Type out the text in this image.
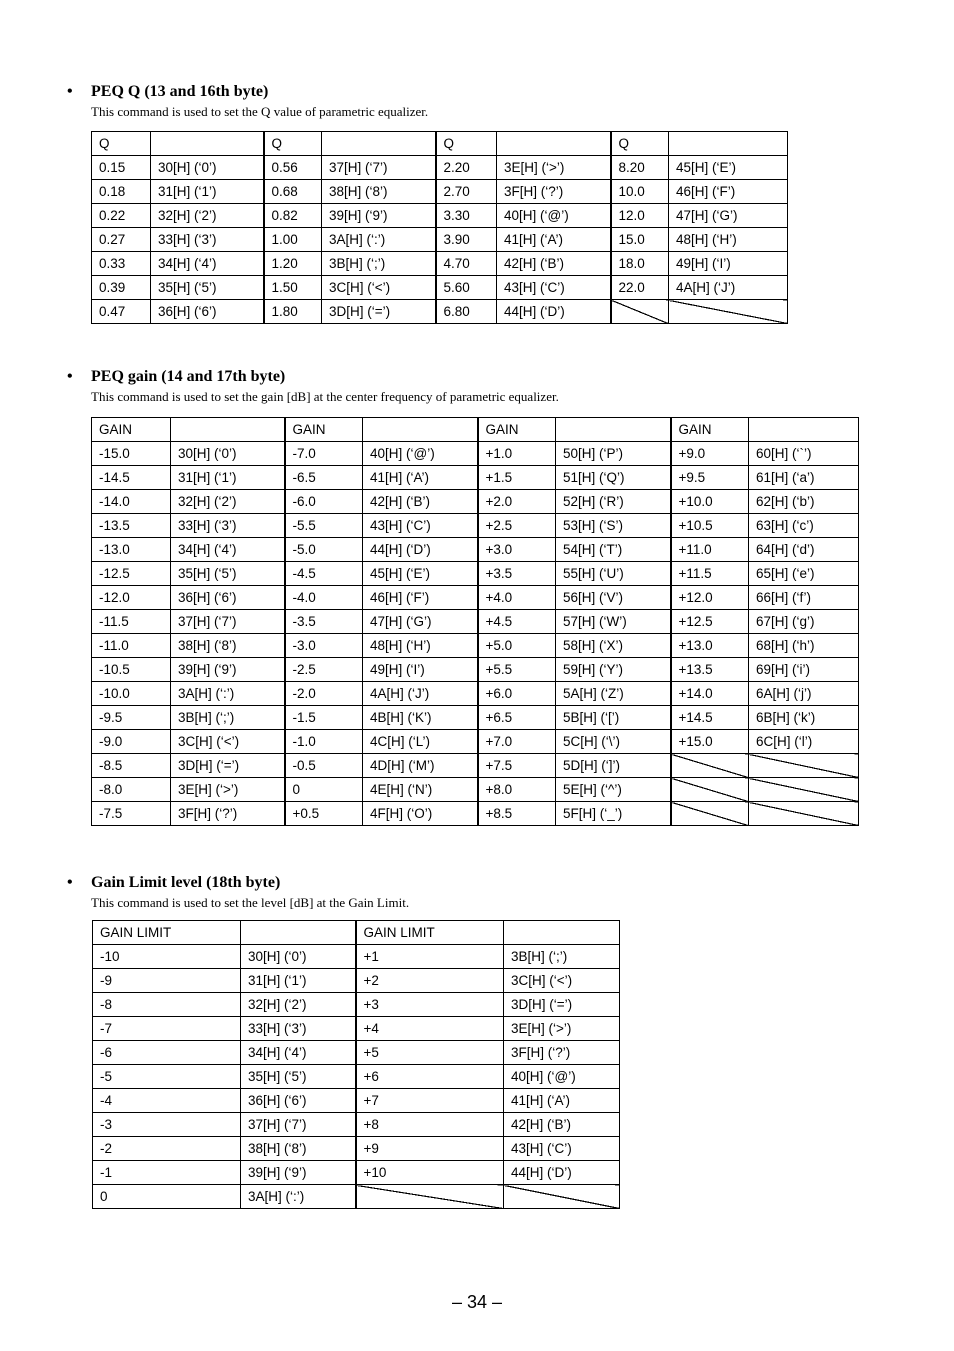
• PEQ Q (13 and 16th byte)
This command is used to set the Q value of parametric equalizer.
Q		Q		Q		Q	
0.15	30[H] (‘0’)	0.56	37[H] (‘7’)	2.20	3E[H] (‘>’)	8.20	45[H] (‘E’)
0.18	31[H] (‘1’)	0.68	38[H] (‘8’)	2.70	3F[H] (‘?’)	10.0	46[H] (‘F’)
0.22	32[H] (‘2’)	0.82	39[H] (‘9’)	3.30	40[H] (‘@’)	12.0	47[H] (‘G’)
0.27	33[H] (‘3’)	1.00	3A[H] (‘:’)	3.90	41[H] (‘A’)	15.0	48[H] (‘H’)
0.33	34[H] (‘4’)	1.20	3B[H] (‘;’)	4.70	42[H] (‘B’)	18.0	49[H] (‘I’)
0.39	35[H] (‘5’)	1.50	3C[H] (‘<’)	5.60	43[H] (‘C’)	22.0	4A[H] (‘J’)
0.47	36[H] (‘6’)	1.80	3D[H] (‘=’)	6.80	44[H] (‘D’)		
• PEQ gain (14 and 17th byte)
This command is used to set the gain [dB] at the center frequency of parametric equalizer.
GAIN		GAIN		GAIN		GAIN	
-15.0	30[H] (‘0’)	-7.0	40[H] (‘@’)	+1.0	50[H] (‘P’)	+9.0	60[H] (‘`’)
-14.5	31[H] (‘1’)	-6.5	41[H] (‘A’)	+1.5	51[H] (‘Q’)	+9.5	61[H] (‘a’)
-14.0	32[H] (‘2’)	-6.0	42[H] (‘B’)	+2.0	52[H] (‘R’)	+10.0	62[H] (‘b’)
-13.5	33[H] (‘3’)	-5.5	43[H] (‘C’)	+2.5	53[H] (‘S’)	+10.5	63[H] (‘c’)
-13.0	34[H] (‘4’)	-5.0	44[H] (‘D’)	+3.0	54[H] (‘T’)	+11.0	64[H] (‘d’)
-12.5	35[H] (‘5’)	-4.5	45[H] (‘E’)	+3.5	55[H] (‘U’)	+11.5	65[H] (‘e’)
-12.0	36[H] (‘6’)	-4.0	46[H] (‘F’)	+4.0	56[H] (‘V’)	+12.0	66[H] (‘f’)
-11.5	37[H] (‘7’)	-3.5	47[H] (‘G’)	+4.5	57[H] (‘W’)	+12.5	67[H] (‘g’)
-11.0	38[H] (‘8’)	-3.0	48[H] (‘H’)	+5.0	58[H] (‘X’)	+13.0	68[H] (‘h’)
-10.5	39[H] (‘9’)	-2.5	49[H] (‘I’)	+5.5	59[H] (‘Y’)	+13.5	69[H] (‘i’)
-10.0	3A[H] (‘:’)	-2.0	4A[H] (‘J’)	+6.0	5A[H] (‘Z’)	+14.0	6A[H] (‘j’)
-9.5	3B[H] (‘;’)	-1.5	4B[H] (‘K’)	+6.5	5B[H] (‘[’)	+14.5	6B[H] (‘k’)
-9.0	3C[H] (‘<’)	-1.0	4C[H] (‘L’)	+7.0	5C[H] (‘\’)	+15.0	6C[H] (‘l’)
-8.5	3D[H] (‘=’)	-0.5	4D[H] (‘M’)	+7.5	5D[H] (‘]’)		
-8.0	3E[H] (‘>’)	0	4E[H] (‘N’)	+8.0	5E[H] (‘^’)		
-7.5	3F[H] (‘?’)	+0.5	4F[H] (‘O’)	+8.5	5F[H] (‘_’)		
• Gain Limit level (18th byte)
This command is used to set the level [dB] at the Gain Limit.
GAIN LIMIT		GAIN LIMIT	
-10	30[H] (‘0’)	+1	3B[H] (‘;’)
-9	31[H] (‘1’)	+2	3C[H] (‘<’)
-8	32[H] (‘2’)	+3	3D[H] (‘=’)
-7	33[H] (‘3’)	+4	3E[H] (‘>’)
-6	34[H] (‘4’)	+5	3F[H] (‘?’)
-5	35[H] (‘5’)	+6	40[H] (‘@’)
-4	36[H] (‘6’)	+7	41[H] (‘A’)
-3	37[H] (‘7’)	+8	42[H] (‘B’)
-2	38[H] (‘8’)	+9	43[H] (‘C’)
-1	39[H] (‘9’)	+10	44[H] (‘D’)
0	3A[H] (‘:’)		
– 34 –
